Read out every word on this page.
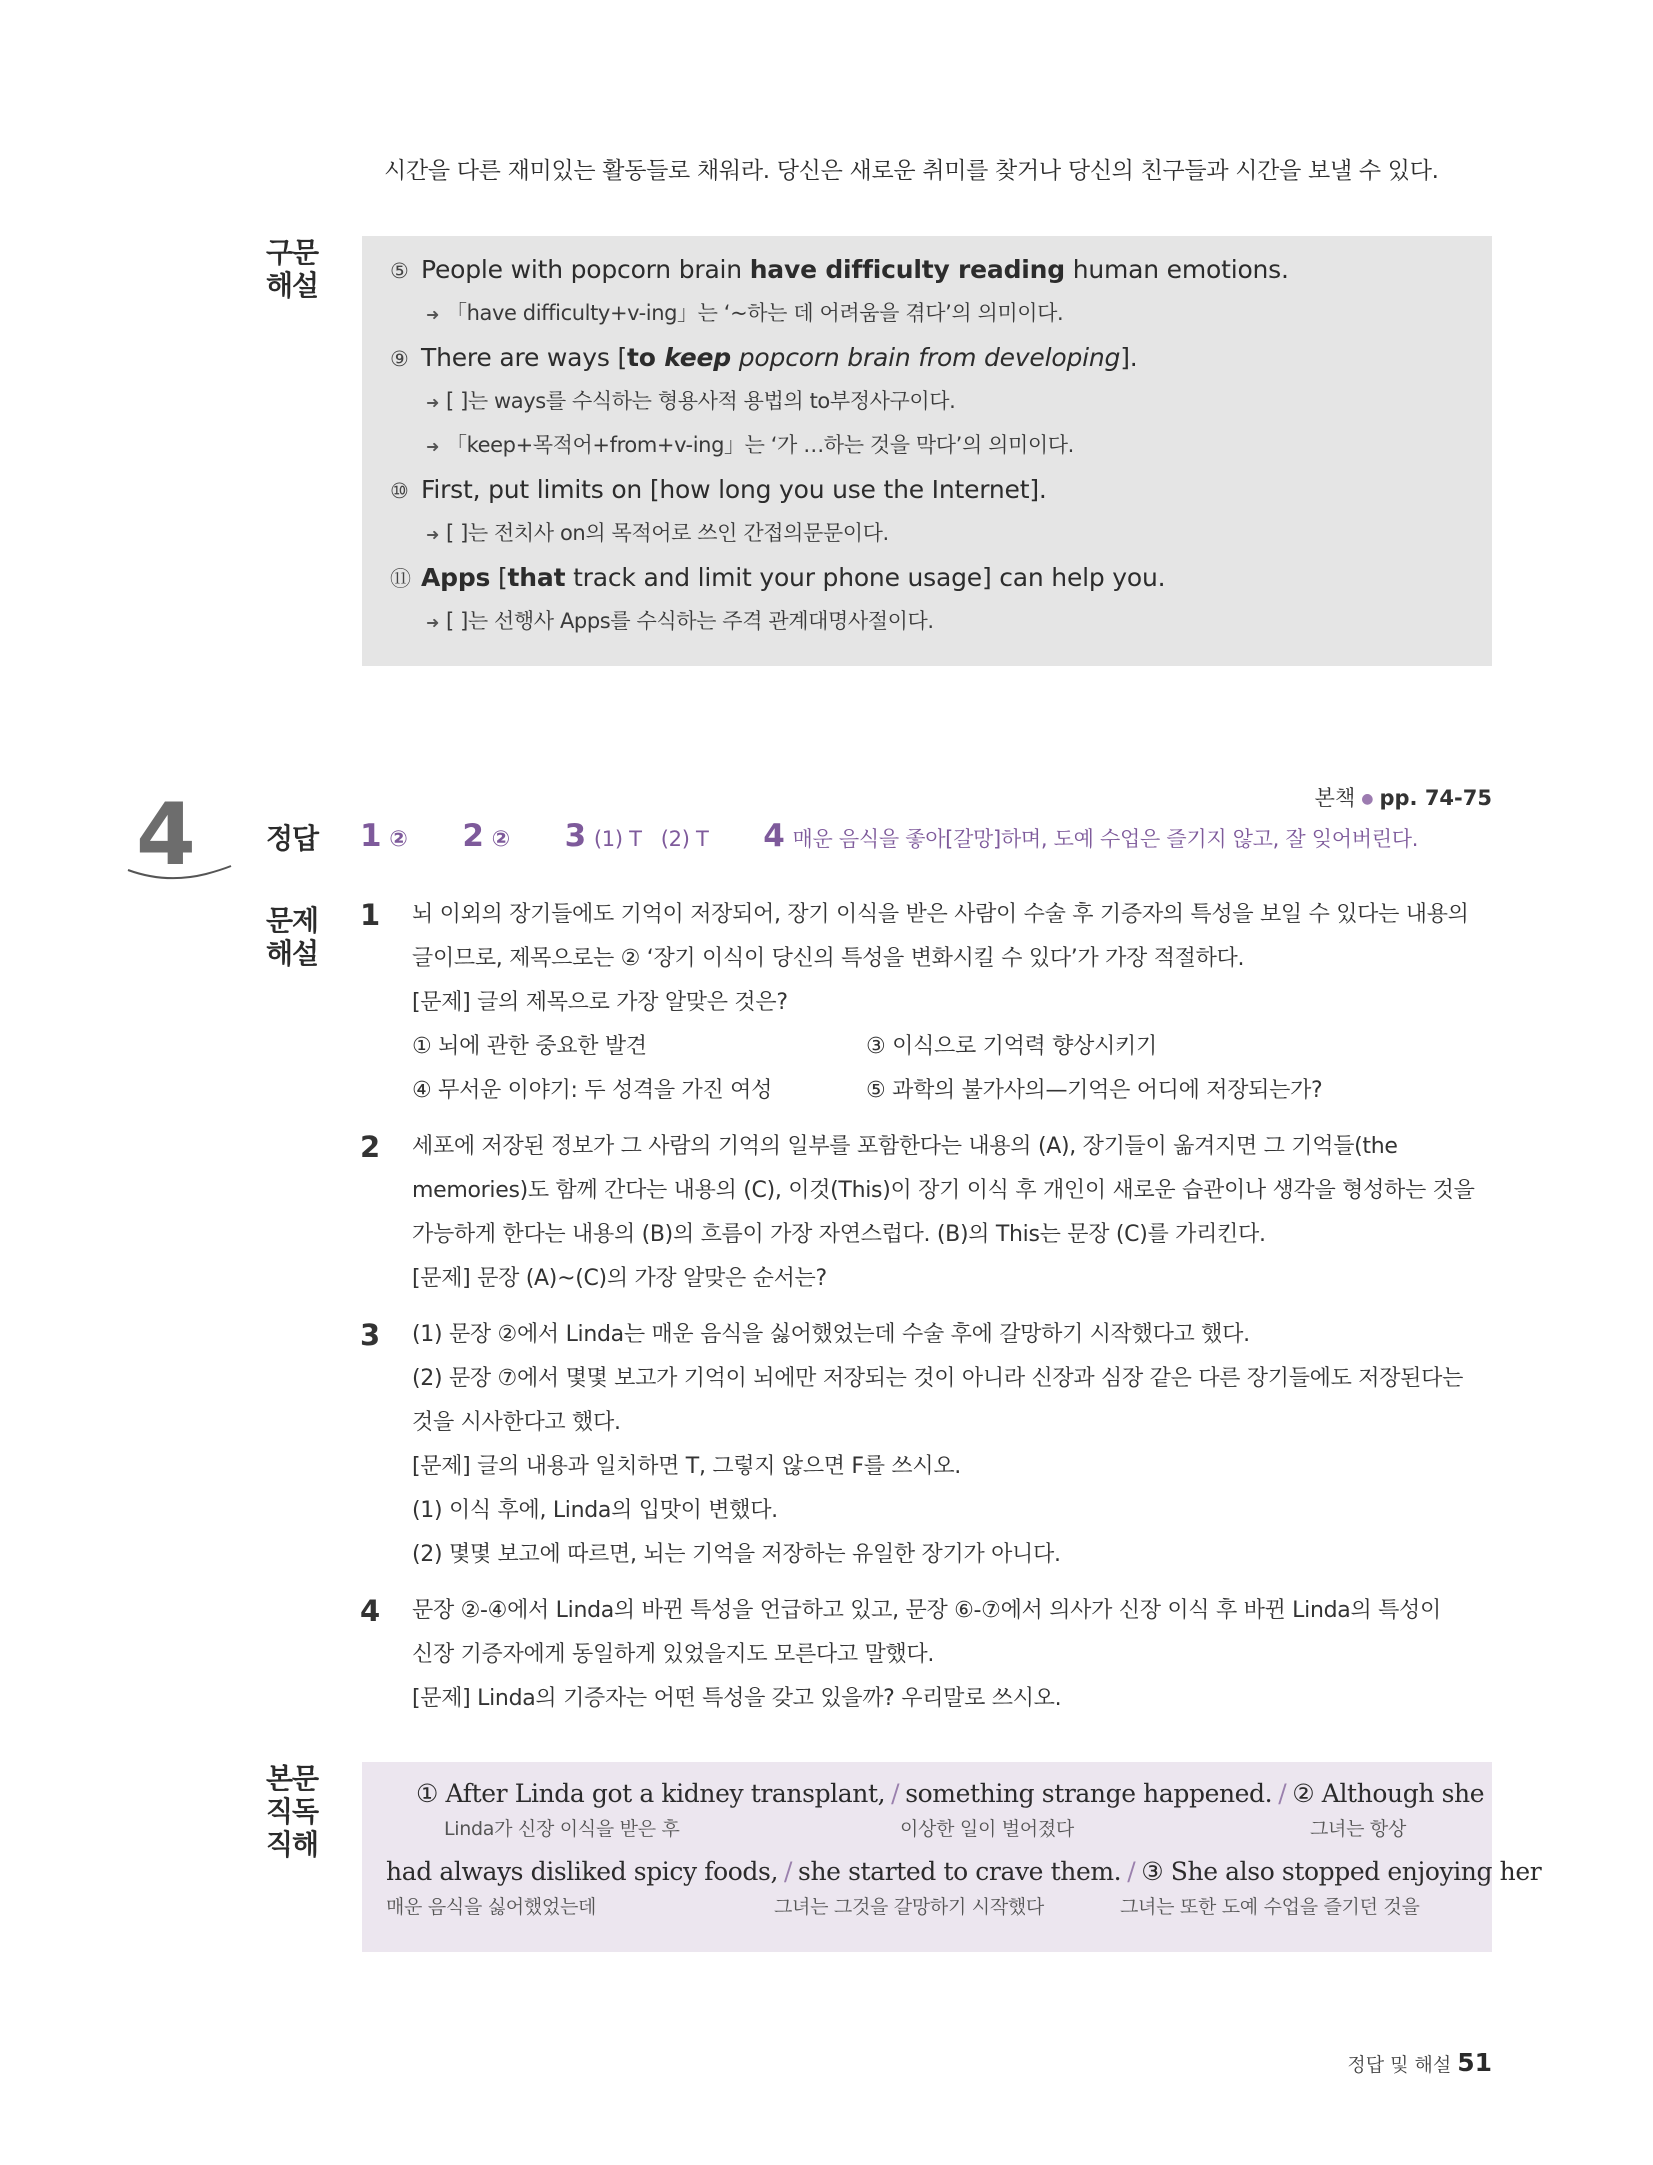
시간을 다른 재미있는 활동들로 채워라. 당신은 새로운 취미를 찾거나 당신의 친구들과 시간을 보낼 수 있다.
구문
해설	⑤ People with popcorn brain have difficulty reading human emotions.
➜ 「have difficulty+v-ing」는 ‘~하는 데 어려움을 겪다’의 의미이다.
⑨ There are ways [to keep popcorn brain from developing].
➜ [ ]는 ways를 수식하는 형용사적 용법의 to부정사구이다.
➜ 「keep+목적어+from+v-ing」는 ‘가 …하는 것을 막다’의 의미이다.
⑩ First, put limits on [how long you use the Internet].
➜ [ ]는 전치사 on의 목적어로 쓰인 간접의문문이다.
⑪ Apps [that track and limit your phone usage] can help you.
➜ [ ]는 선행사 Apps를 수식하는 주격 관계대명사절이다.
4	본책 ● pp. 74-75
정답 1 ② 2 ② 3 (1) T   (2) T 4 매운 음식을 좋아[갈망]하며, 도예 수업은 즐기지 않고, 잘 잊어버린다.
문제
해설
1 뇌 이외의 장기들에도 기억이 저장되어, 장기 이식을 받은 사람이 수술 후 기증자의 특성을 보일 수 있다는 내용의
글이므로, 제목으로는 ② ‘장기 이식이 당신의 특성을 변화시킬 수 있다’가 가장 적절하다.
[문제] 글의 제목으로 가장 알맞은 것은?
① 뇌에 관한 중요한 발견	③ 이식으로 기억력 향상시키기
④ 무서운 이야기: 두 성격을 가진 여성	⑤ 과학의 불가사의—기억은 어디에 저장되는가?
2 세포에 저장된 정보가 그 사람의 기억의 일부를 포함한다는 내용의 (A), 장기들이 옮겨지면 그 기억들(the
memories)도 함께 간다는 내용의 (C), 이것(This)이 장기 이식 후 개인이 새로운 습관이나 생각을 형성하는 것을
가능하게 한다는 내용의 (B)의 흐름이 가장 자연스럽다. (B)의 This는 문장 (C)를 가리킨다.
[문제] 문장 (A)~(C)의 가장 알맞은 순서는?
3 (1) 문장 ②에서 Linda는 매운 음식을 싫어했었는데 수술 후에 갈망하기 시작했다고 했다.
(2) 문장 ⑦에서 몇몇 보고가 기억이 뇌에만 저장되는 것이 아니라 신장과 심장 같은 다른 장기들에도 저장된다는
것을 시사한다고 했다.
[문제] 글의 내용과 일치하면 T, 그렇지 않으면 F를 쓰시오.
(1) 이식 후에, Linda의 입맛이 변했다.
(2) 몇몇 보고에 따르면, 뇌는 기억을 저장하는 유일한 장기가 아니다.
4 문장 ②-④에서 Linda의 바뀐 특성을 언급하고 있고, 문장 ⑥-⑦에서 의사가 신장 이식 후 바뀐 Linda의 특성이
신장 기증자에게 동일하게 있었을지도 모른다고 말했다.
[문제] Linda의 기증자는 어떤 특성을 갖고 있을까? 우리말로 쓰시오.
본문
직독
직해
① After Linda got a kidney transplant, / something strange happened. / ② Although she
Linda가 신장 이식을 받은 후	이상한 일이 벌어졌다	그녀는 항상
had always disliked spicy foods, / she started to crave them. / ③ She also stopped enjoying her
매운 음식을 싫어했었는데	그녀는 그것을 갈망하기 시작했다	그녀는 또한 도예 수업을 즐기던 것을
정답 및 해설 51
